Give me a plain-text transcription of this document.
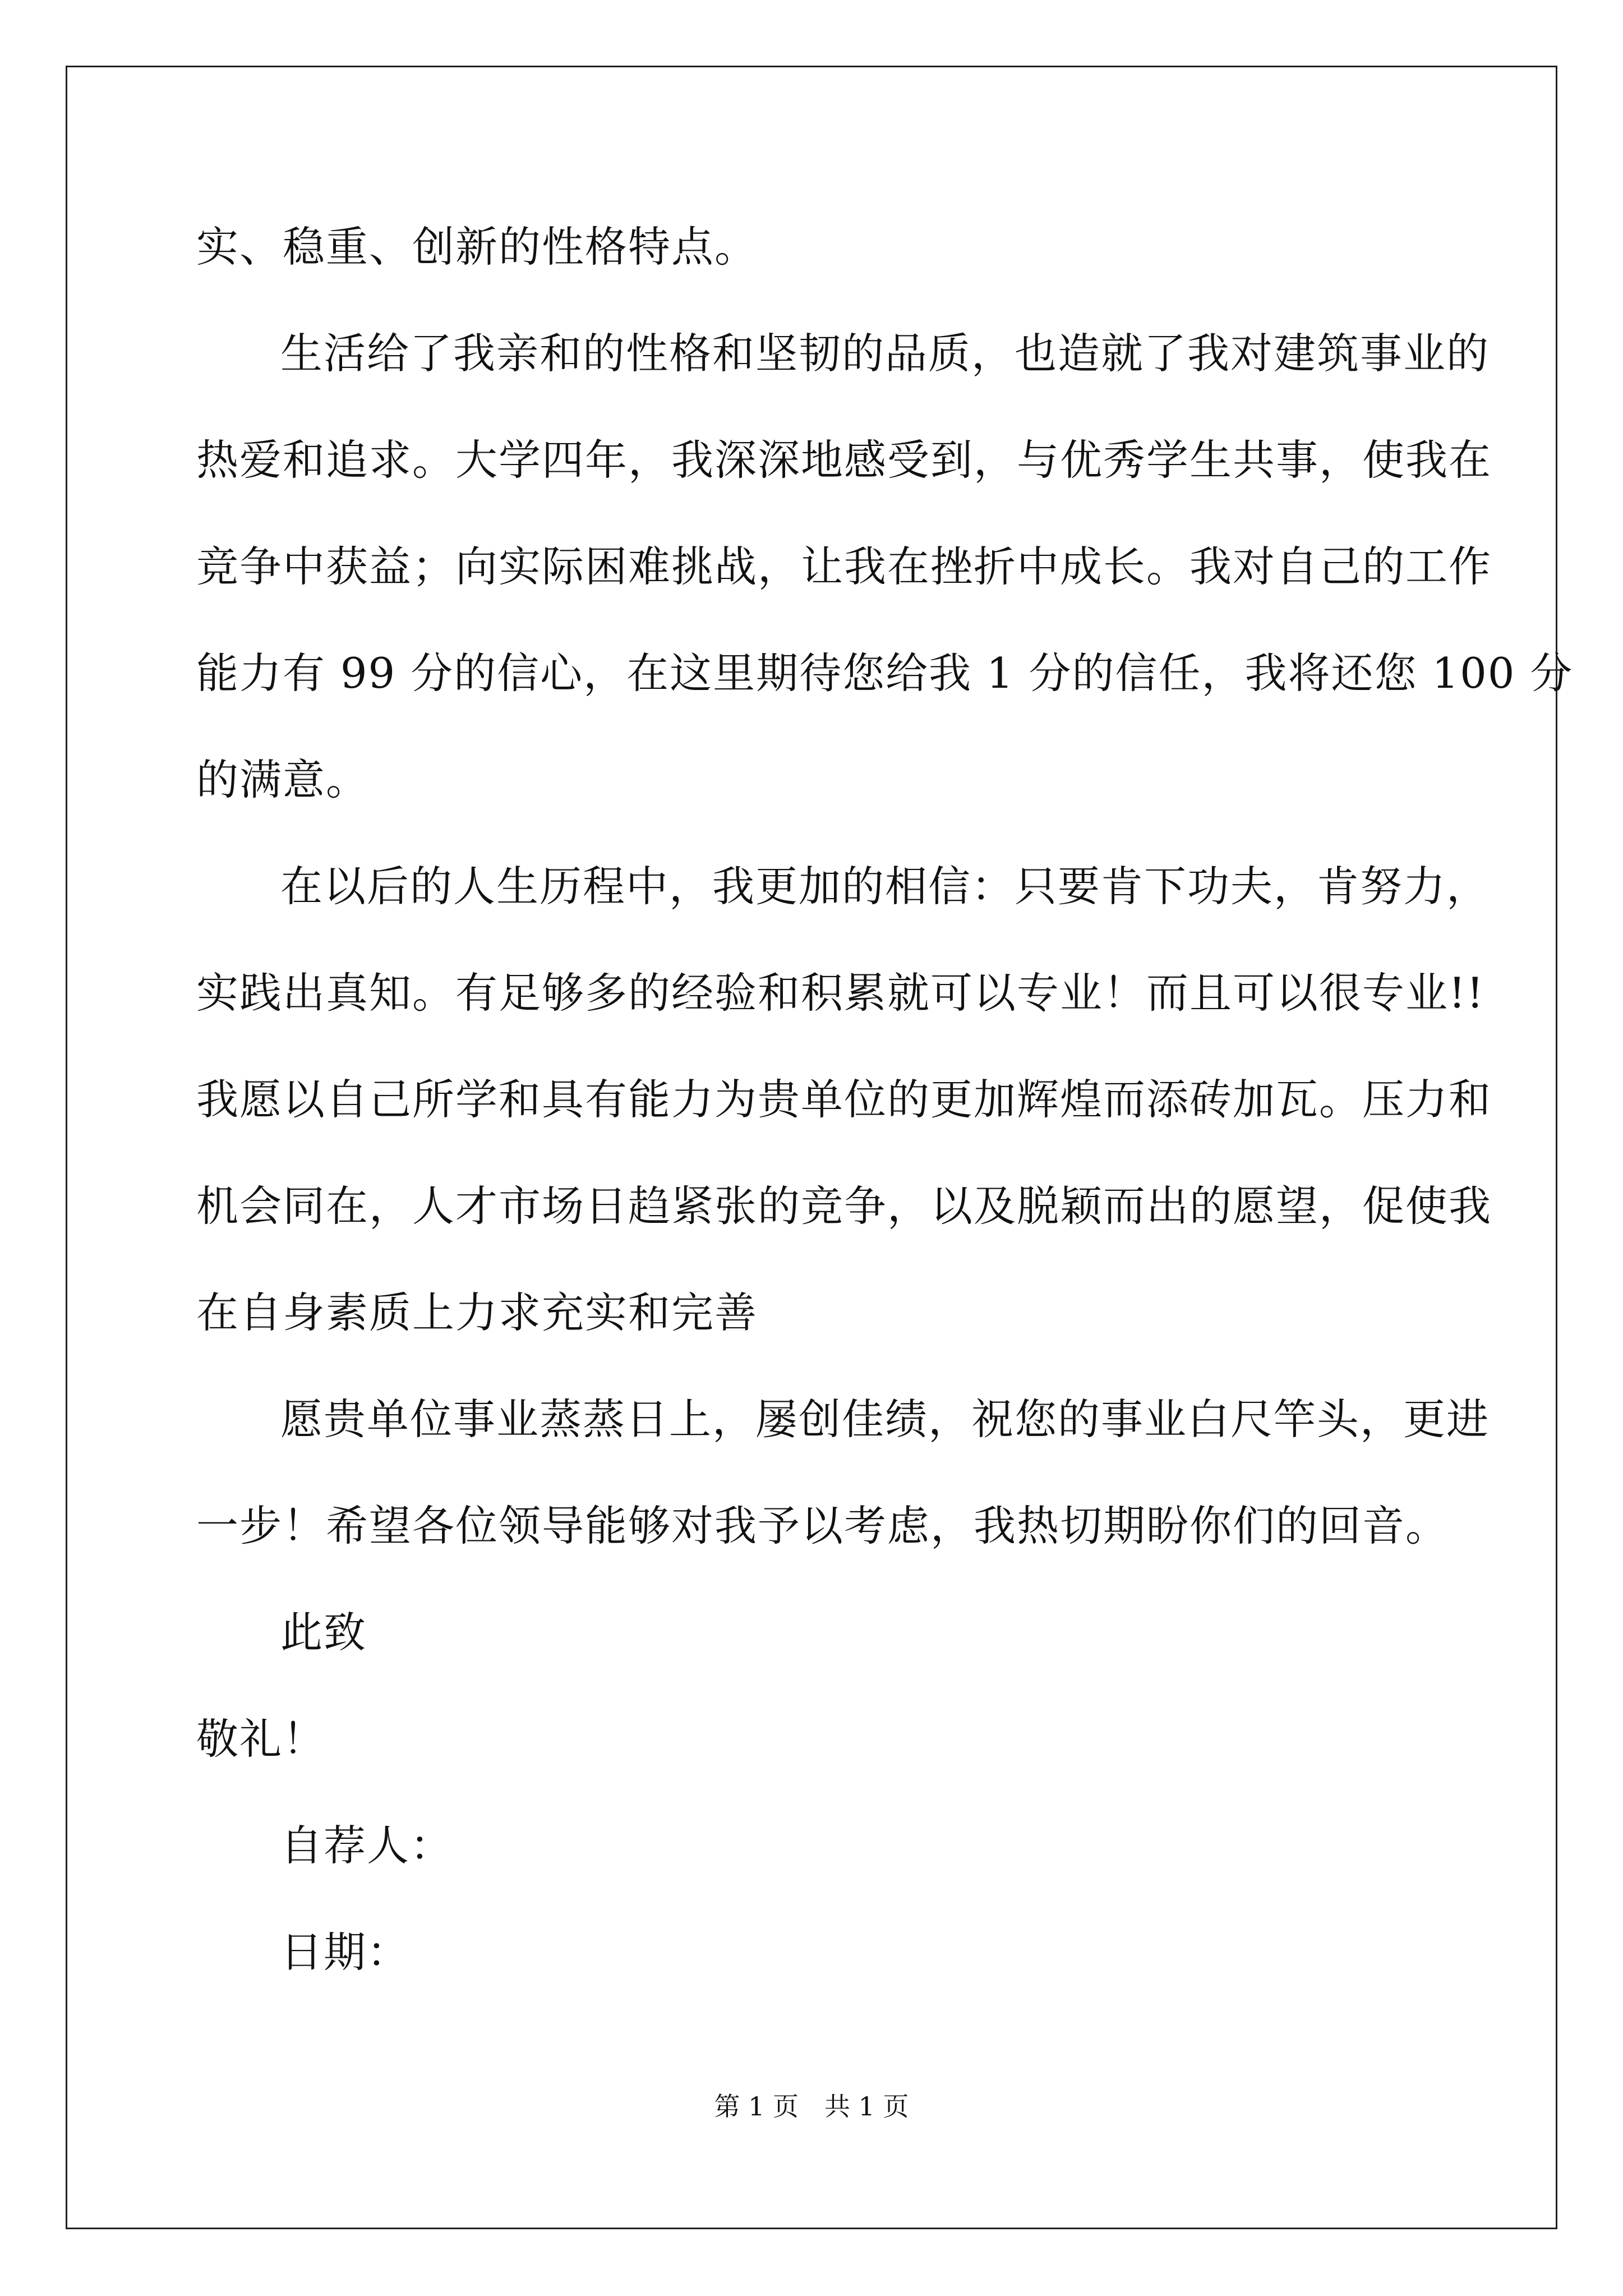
实、稳重、创新的性格特点。
生活给了我亲和的性格和坚韧的品质，也造就了我对建筑事业的
热爱和追求。大学四年，我深深地感受到，与优秀学生共事，使我在
竞争中获益；向实际困难挑战，让我在挫折中成长。我对自己的工作
能力有 99 分的信心，在这里期待您给我 1 分的信任，我将还您 100 分
的满意。
在以后的人生历程中，我更加的相信：只要肯下功夫，肯努力，
实践出真知。有足够多的经验和积累就可以专业！而且可以很专业!!
我愿以自己所学和具有能力为贵单位的更加辉煌而添砖加瓦。压力和
机会同在，人才市场日趋紧张的竞争，以及脱颖而出的愿望，促使我
在自身素质上力求充实和完善
愿贵单位事业蒸蒸日上，屡创佳绩，祝您的事业白尺竿头，更进
一步！希望各位领导能够对我予以考虑，我热切期盼你们的回音。
此致
敬礼！
自荐人：
日期：
第 1 页　共 1 页
